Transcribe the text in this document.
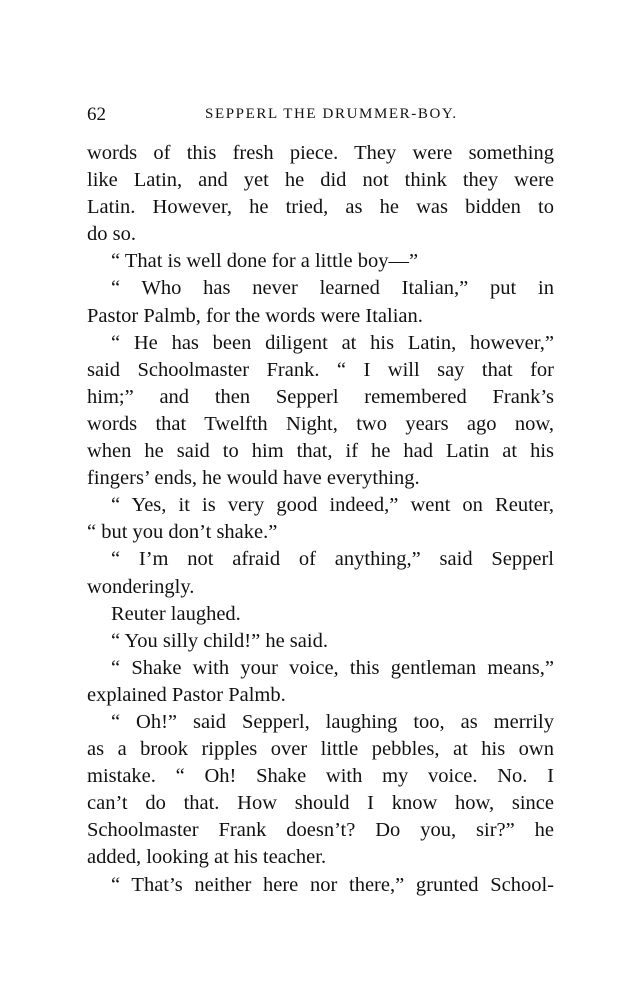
62	SEPPERL THE DRUMMER-BOY.
words of this fresh piece. They were something
like Latin, and yet he did not think they were
Latin. However, he tried, as he was bidden to
do so.
“ That is well done for a little boy—”
“ Who has never learned Italian,” put in
Pastor Palmb, for the words were Italian.
“ He has been diligent at his Latin, however,”
said Schoolmaster Frank. “ I will say that for
him;” and then Sepperl remembered Frank’s
words that Twelfth Night, two years ago now,
when he said to him that, if he had Latin at his
fingers’ ends, he would have everything.
“ Yes, it is very good indeed,” went on Reuter,
“ but you don’t shake.”
“ I’m not afraid of anything,” said Sepperl
wonderingly.
Reuter laughed.
“ You silly child!” he said.
“ Shake with your voice, this gentleman means,”
explained Pastor Palmb.
“ Oh!” said Sepperl, laughing too, as merrily
as a brook ripples over little pebbles, at his own
mistake. “ Oh! Shake with my voice. No. I
can’t do that. How should I know how, since
Schoolmaster Frank doesn’t? Do you, sir?” he
added, looking at his teacher.
“ That’s neither here nor there,” grunted School-
